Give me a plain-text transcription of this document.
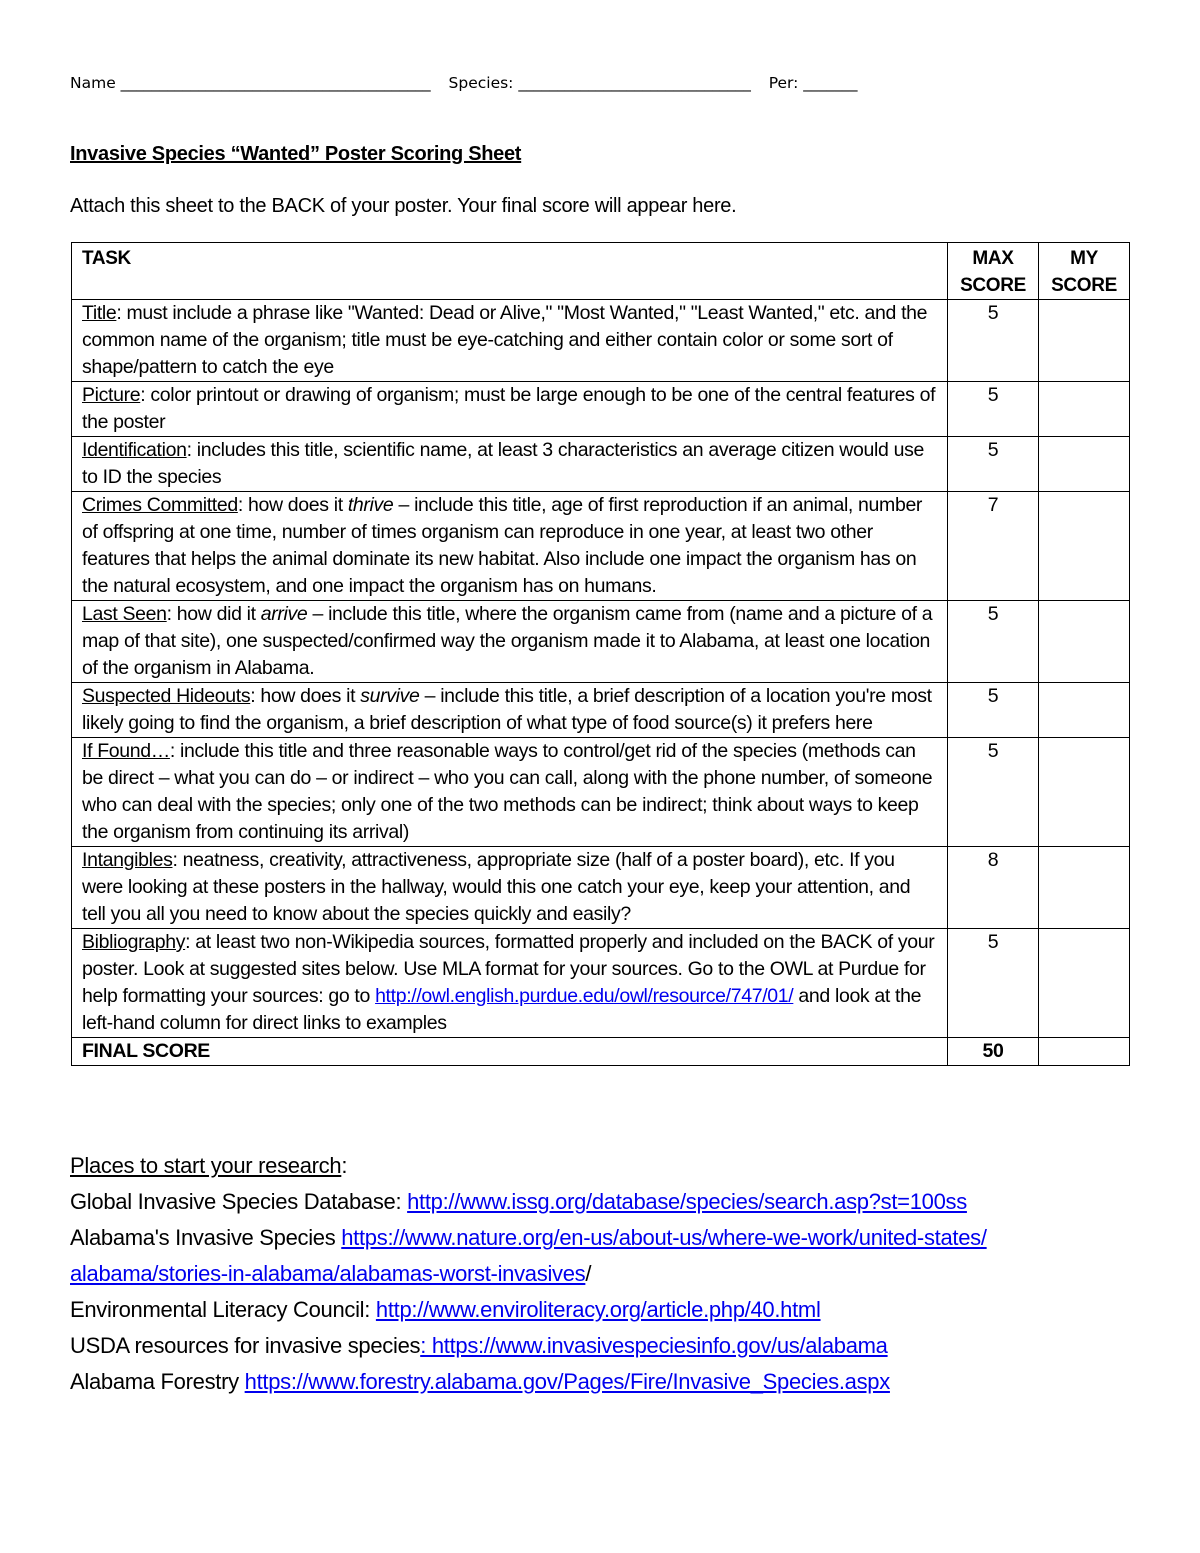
Name ________________________________________ Species: ______________________________ Per: _______
Invasive Species “Wanted” Poster Scoring Sheet
Attach this sheet to the BACK of your poster. Your final score will appear here.
TASK	MAX SCORE	MY SCORE
Title: must include a phrase like "Wanted: Dead or Alive," "Most Wanted," "Least Wanted," etc. and the common name of the organism; title must be eye-catching and either contain color or some sort of shape/pattern to catch the eye	5	
Picture: color printout or drawing of organism; must be large enough to be one of the central features of the poster	5	
Identification: includes this title, scientific name, at least 3 characteristics an average citizen would use to ID the species	5	
Crimes Committed: how does it thrive – include this title, age of first reproduction if an animal, number of offspring at one time, number of times organism can reproduce in one year, at least two other features that helps the animal dominate its new habitat. Also include one impact the organism has on the natural ecosystem, and one impact the organism has on humans.	7	
Last Seen: how did it arrive – include this title, where the organism came from (name and a picture of a map of that site), one suspected/confirmed way the organism made it to Alabama, at least one location of the organism in Alabama.	5	
Suspected Hideouts: how does it survive – include this title, a brief description of a location you're most likely going to find the organism, a brief description of what type of food source(s) it prefers here	5	
If Found…: include this title and three reasonable ways to control/get rid of the species (methods can be direct – what you can do – or indirect – who you can call, along with the phone number, of someone who can deal with the species; only one of the two methods can be indirect; think about ways to keep the organism from continuing its arrival)	5	
Intangibles: neatness, creativity, attractiveness, appropriate size (half of a poster board), etc. If you were looking at these posters in the hallway, would this one catch your eye, keep your attention, and tell you all you need to know about the species quickly and easily?	8	
Bibliography: at least two non-Wikipedia sources, formatted properly and included on the BACK of your poster. Look at suggested sites below. Use MLA format for your sources. Go to the OWL at Purdue for help formatting your sources: go to http://owl.english.purdue.edu/owl/resource/747/01/ and look at the left-hand column for direct links to examples	5	
FINAL SCORE	50	
Places to start your research:
Global Invasive Species Database: http://www.issg.org/database/species/search.asp?st=100ss
Alabama's Invasive Species https://www.nature.org/en-us/about-us/where-we-work/united-states/
alabama/stories-in-alabama/alabamas-worst-invasives/
Environmental Literacy Council: http://www.enviroliteracy.org/article.php/40.html
USDA resources for invasive species: https://www.invasivespeciesinfo.gov/us/alabama
Alabama Forestry https://www.forestry.alabama.gov/Pages/Fire/Invasive_Species.aspx
